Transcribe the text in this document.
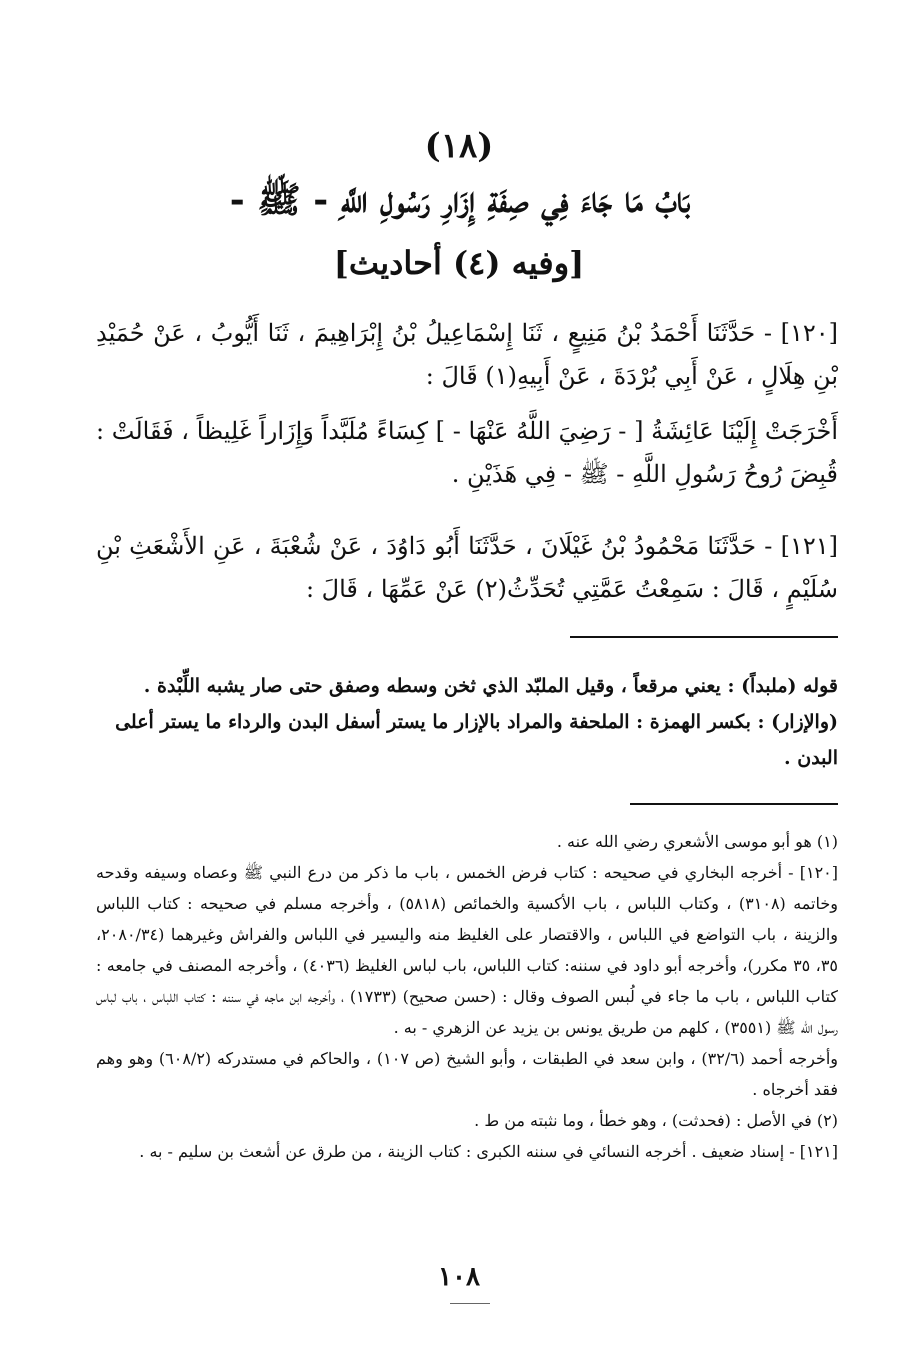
(١٨)
بَابُ مَا جَاءَ فِي صِفَةِ إِزَارِ رَسُولِ اللَّهِ - ﷺ -
[وفيه (٤) أحاديث]
[١٢٠] - حَدَّثَنَا أَحْمَدُ بْنُ مَنِيعٍ ، ثَنَا إِسْمَاعِيلُ بْنُ إِبْرَاهِيمَ ، ثَنَا أَيُّوبُ ، عَنْ حُمَيْدِ بْنِ هِلَالٍ ، عَنْ أَبِي بُرْدَةَ ، عَنْ أَبِيهِ(١) قَالَ :
أَخْرَجَتْ إِلَيْنَا عَائِشَةُ [ - رَضِيَ اللَّهُ عَنْهَا - ] كِسَاءً مُلَبَّداً وَإِزَاراً غَلِيظاً ، فَقَالَتْ : قُبِضَ رُوحُ رَسُولِ اللَّهِ - ﷺ - فِي هَذَيْنِ .
[١٢١] - حَدَّثَنَا مَحْمُودُ بْنُ غَيْلَانَ ، حَدَّثَنَا أَبُو دَاوُدَ ، عَنْ شُعْبَةَ ، عَنِ الأَشْعَثِ بْنِ سُلَيْمٍ ، قَالَ : سَمِعْتُ عَمَّتِي تُحَدِّثُ(٢) عَنْ عَمِّهَا ، قَالَ :
قوله (ملبداً) : يعني مرقعاً ، وقيل الملبّد الذي ثخن وسطه وصفق حتى صار يشبه اللِّبْدة .
(والإزار) : بكسر الهمزة : الملحفة والمراد بالإزار ما يستر أسفل البدن والرداء ما يستر أعلى البدن .

(١) هو أبو موسى الأشعري رضي الله عنه .

[١٢٠] - أخرجه البخاري في صحيحه : كتاب فرض الخمس ، باب ما ذكر من درع النبي ﷺ وعصاه وسيفه وقدحه وخاتمه (٣١٠٨) ، وكتاب اللباس ، باب الأكسية والخمائص (٥٨١٨) ، وأخرجه مسلم في صحيحه : كتاب اللباس والزينة ، باب التواضع في اللباس ، والاقتصار على الغليظ منه واليسير في اللباس والفراش وغيرهما (٢٠٨٠/٣٤، ٣٥، ٣٥ مكرر)، وأخرجه أبو داود في سننه: كتاب اللباس، باب لباس الغليظ (٤٠٣٦) ، وأخرجه المصنف في جامعه : كتاب اللباس ، باب ما جاء في لُبس الصوف وقال : (حسن صحيح) (١٧٣٣) ، وأخرجه ابن ماجه في سننه : كتاب اللباس ، باب لباس رسول الله ﷺ (٣٥٥١) ، كلهم من طريق يونس بن يزيد عن الزهري - به .

وأخرجه أحمد (٣٢/٦) ، وابن سعد في الطبقات ، وأبو الشيخ (ص ١٠٧) ، والحاكم في مستدركه (٦٠٨/٢) وهو وهم فقد أخرجاه .

(٢) في الأصل : (فحدثت) ، وهو خطأ ، وما نثبته من ط .

[١٢١] - إسناد ضعيف . أخرجه النسائي في سننه الكبرى : كتاب الزينة ، من طرق عن أشعث بن سليم - به .

١٠٨
